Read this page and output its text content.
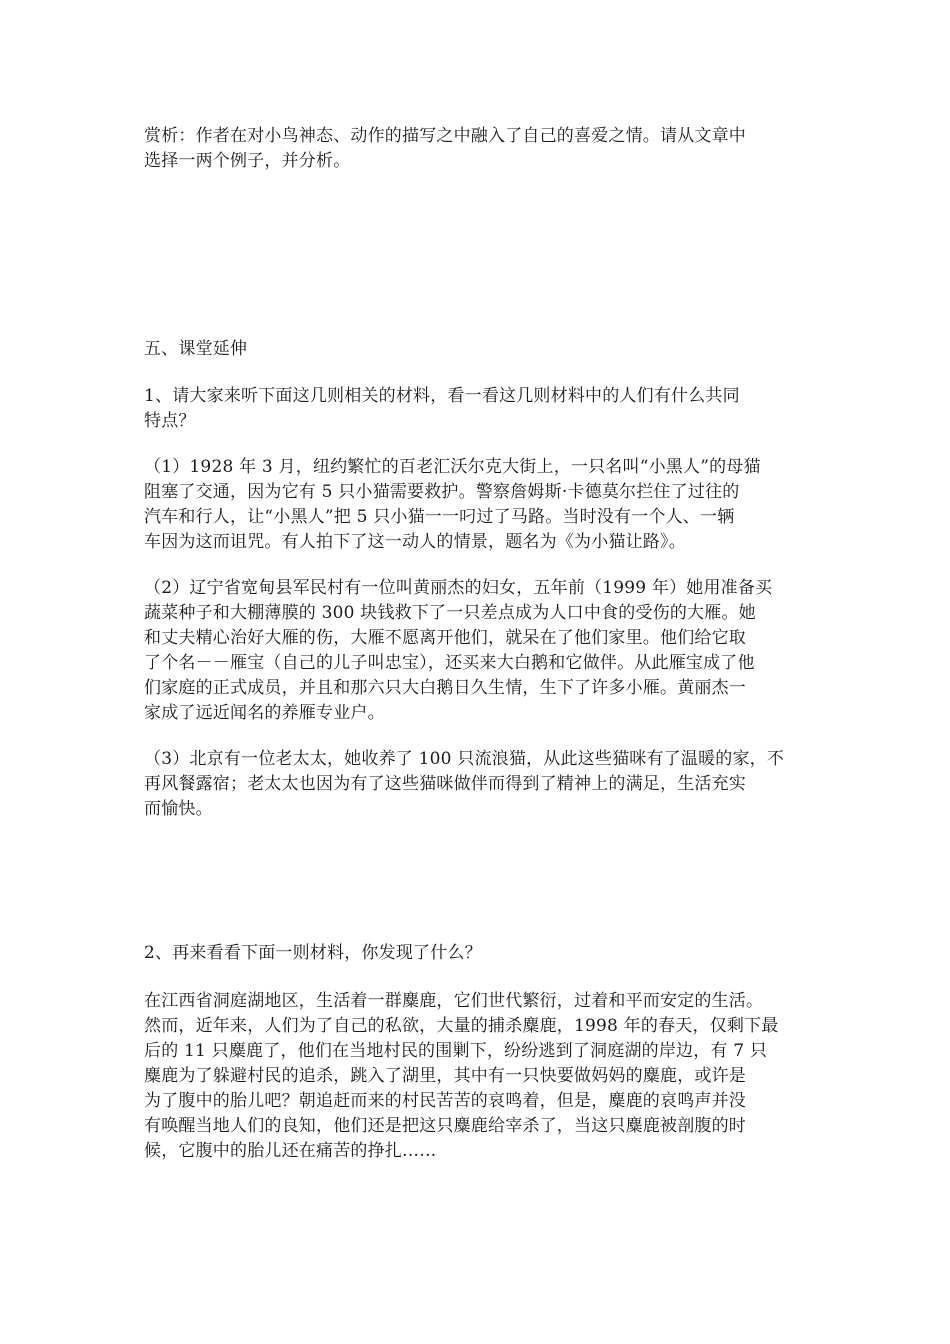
赏析：作者在对小鸟神态、动作的描写之中融入了自己的喜爱之情。请从文章中
选择一两个例子，并分析。

五、课堂延伸

1、请大家来听下面这几则相关的材料，看一看这几则材料中的人们有什么共同
特点？

（1）1928 年 3 月，纽约繁忙的百老汇沃尔克大街上，一只名叫“小黑人”的母猫
阻塞了交通，因为它有 5 只小猫需要救护。警察詹姆斯·卡德莫尔拦住了过往的
汽车和行人，让“小黑人”把 5 只小猫一一叼过了马路。当时没有一个人、一辆
车因为这而诅咒。有人拍下了这一动人的情景，题名为《为小猫让路》。

（2）辽宁省宽甸县军民村有一位叫黄丽杰的妇女，五年前（1999 年）她用准备买
蔬菜种子和大棚薄膜的 300 块钱救下了一只差点成为人口中食的受伤的大雁。她
和丈夫精心治好大雁的伤，大雁不愿离开他们，就呆在了他们家里。他们给它取
了个名－－雁宝（自己的儿子叫忠宝），还买来大白鹅和它做伴。从此雁宝成了他
们家庭的正式成员，并且和那六只大白鹅日久生情，生下了许多小雁。黄丽杰一
家成了远近闻名的养雁专业户。

（3）北京有一位老太太，她收养了 100 只流浪猫，从此这些猫咪有了温暖的家，不
再风餐露宿；老太太也因为有了这些猫咪做伴而得到了精神上的满足，生活充实
而愉快。

2、再来看看下面一则材料，你发现了什么？

在江西省洞庭湖地区，生活着一群麋鹿，它们世代繁衍，过着和平而安定的生活。
然而，近年来，人们为了自己的私欲，大量的捕杀麋鹿，1998 年的春天，仅剩下最
后的 11 只麋鹿了，他们在当地村民的围剿下，纷纷逃到了洞庭湖的岸边，有 7 只
麋鹿为了躲避村民的追杀，跳入了湖里，其中有一只快要做妈妈的麋鹿，或许是
为了腹中的胎儿吧？朝追赶而来的村民苦苦的哀鸣着，但是，麋鹿的哀鸣声并没
有唤醒当地人们的良知，他们还是把这只麋鹿给宰杀了，当这只麋鹿被剖腹的时
候，它腹中的胎儿还在痛苦的挣扎……
